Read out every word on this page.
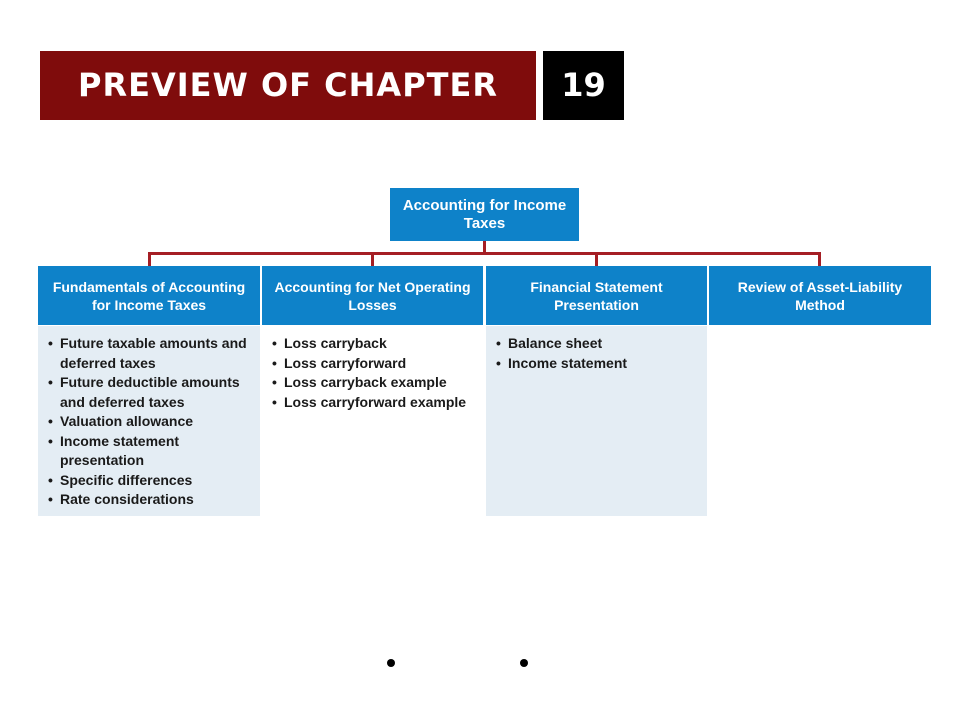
PREVIEW OF CHAPTER	19
Accounting for Income Taxes
Fundamentals of Accounting for Income Taxes
• Future taxable amounts and deferred taxes
• Future deductible amounts and deferred taxes
• Valuation allowance
• Income statement presentation
• Specific differences
• Rate considerations
Accounting for Net Operating Losses
• Loss carryback
• Loss carryforward
• Loss carryback example
• Loss carryforward example
Financial Statement Presentation
• Balance sheet
• Income statement
Review of Asset-Liability Method
